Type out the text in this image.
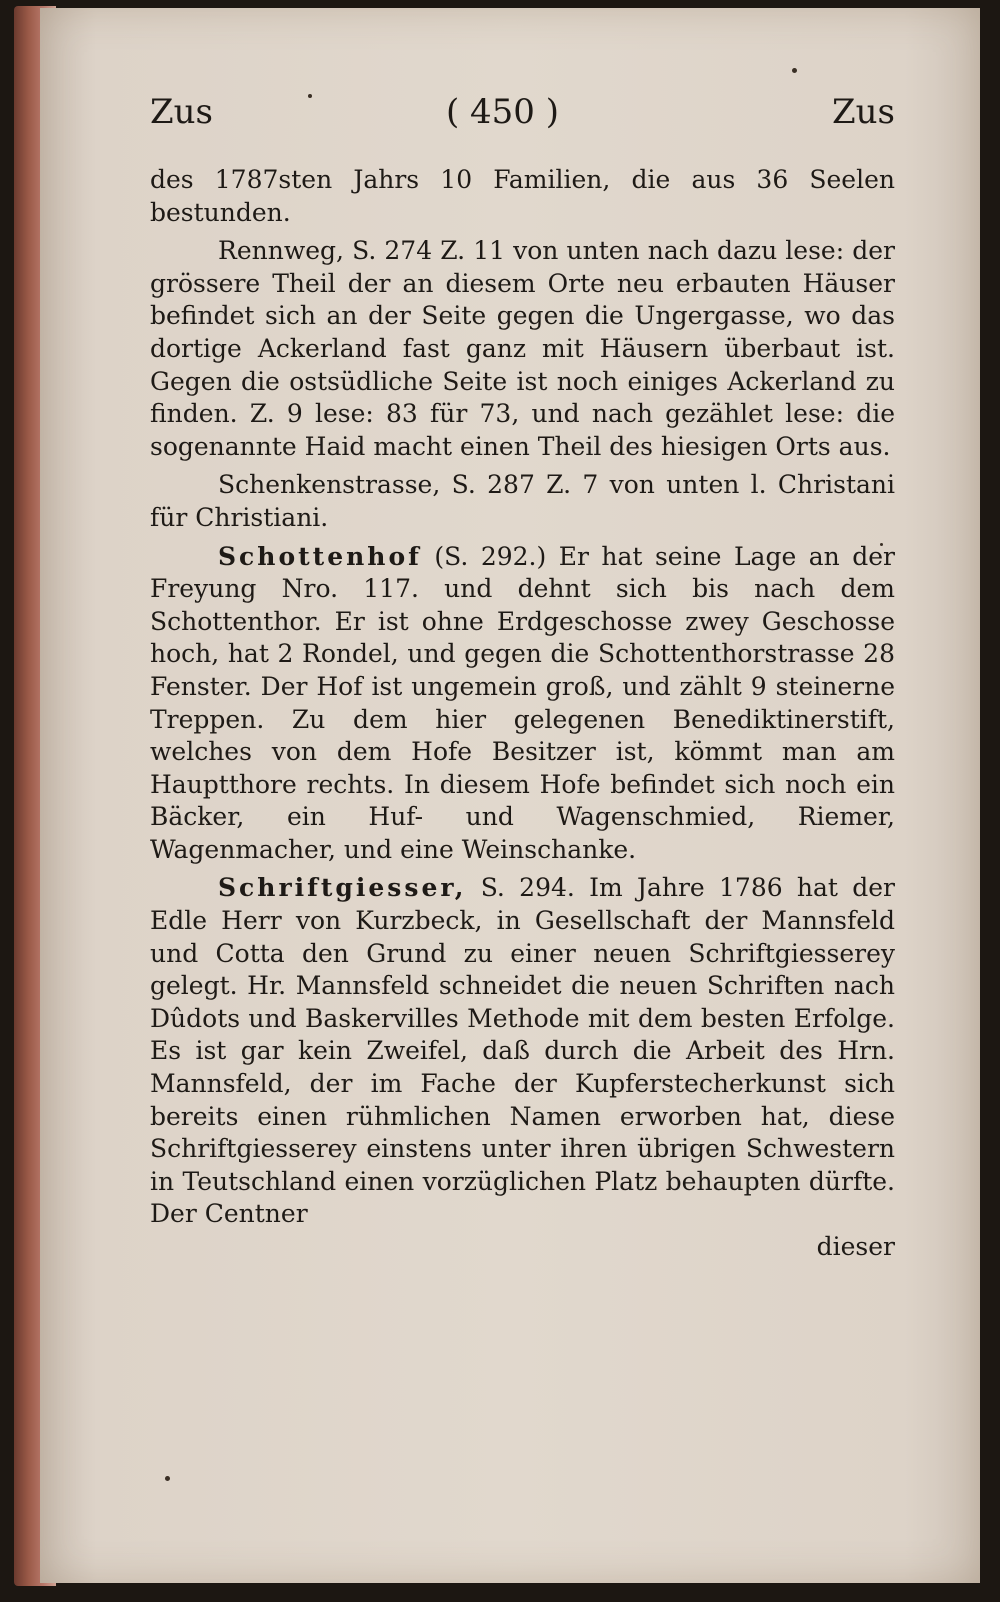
Zus	( 450 )	Zus

des 1787sten Jahrs 10 Familien, die aus 36 Seelen bestunden.

Rennweg, S. 274 Z. 11 von unten nach dazu lese: der grössere Theil der an diesem Orte neu erbauten Häuser befindet sich an der Seite gegen die Ungergasse, wo das dortige Ackerland fast ganz mit Häusern überbaut ist. Gegen die ostsüdliche Seite ist noch einiges Ackerland zu finden. Z. 9 lese: 83 für 73, und nach gezählet lese: die sogenannte Haid macht einen Theil des hiesigen Orts aus.

Schenkenstrasse, S. 287 Z. 7 von unten l. Christani für Christiani.

Schottenhof (S. 292.) Er hat seine Lage an der Freyung Nro. 117. und dehnt sich bis nach dem Schottenthor. Er ist ohne Erdgeschosse zwey Geschosse hoch, hat 2 Rondel, und gegen die Schottenthorstrasse 28 Fenster. Der Hof ist ungemein groß, und zählt 9 steinerne Treppen. Zu dem hier gelegenen Benediktinerstift, welches von dem Hofe Besitzer ist, kömmt man am Hauptthore rechts. In diesem Hofe befindet sich noch ein Bäcker, ein Huf- und Wagenschmied, Riemer, Wagenmacher, und eine Weinschanke.

Schriftgiesser, S. 294. Im Jahre 1786 hat der Edle Herr von Kurzbeck, in Gesellschaft der Mannsfeld und Cotta den Grund zu einer neuen Schriftgiesserey gelegt. Hr. Mannsfeld schneidet die neuen Schriften nach Dûdots und Baskervilles Methode mit dem besten Erfolge. Es ist gar kein Zweifel, daß durch die Arbeit des Hrn. Mannsfeld, der im Fache der Kupferstecherkunst sich bereits einen rühmlichen Namen erworben hat, diese Schriftgiesserey einstens unter ihren übrigen Schwestern in Teutschland einen vorzüglichen Platz behaupten dürfte. Der Centner

dieser
